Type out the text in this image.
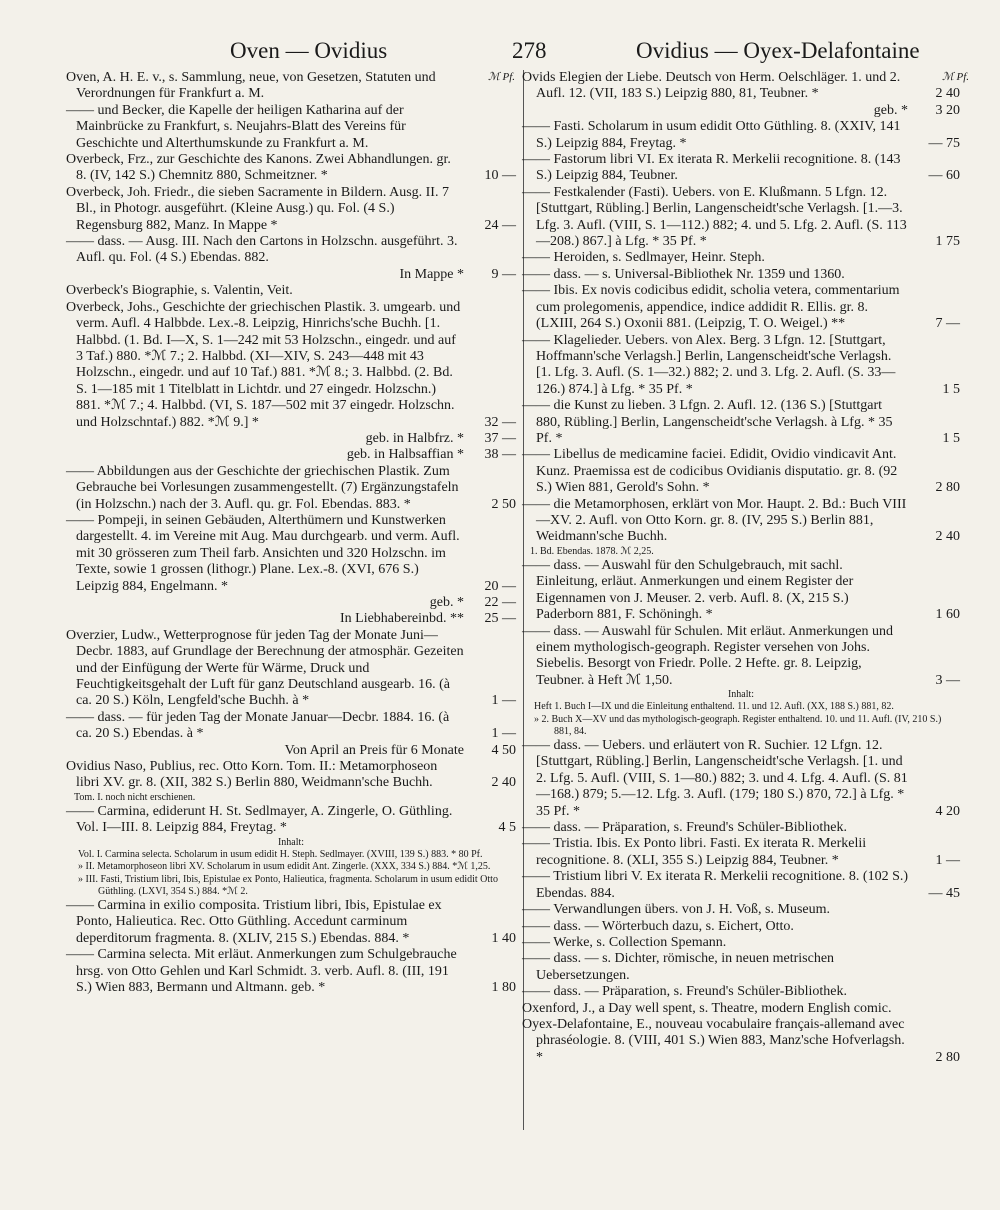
Oven — Ovidius	278	Ovidius — Oyex-Delafontaine
ℳ Pf.	ℳ Pf.
Oven, A. H. E. v., s. Sammlung, neue, von Gesetzen, Statuten und Verordnungen für Frankfurt a. M.
—— und Becker, die Kapelle der heiligen Katharina auf der Mainbrücke zu Frankfurt, s. Neujahrs-Blatt des Vereins für Geschichte und Alterthumskunde zu Frankfurt a. M.
Overbeck, Frz., zur Geschichte des Kanons. Zwei Abhandlungen. gr. 8. (IV, 142 S.) Chemnitz 880, Schmeitzner. *	10 —
Overbeck, Joh. Friedr., die sieben Sacramente in Bildern. Ausg. II. 7 Bl., in Photogr. ausgeführt. (Kleine Ausg.) qu. Fol. (4 S.) Regensburg 882, Manz. In Mappe *	24 —
—— dass. — Ausg. III. Nach den Cartons in Holzschn. ausgeführt. 3. Aufl. qu. Fol. (4 S.) Ebendas. 882.
In Mappe *	9 —
Overbeck's Biographie, s. Valentin, Veit.
Overbeck, Johs., Geschichte der griechischen Plastik. 3. umgearb. und verm. Aufl. 4 Halbbde. Lex.-8. Leipzig, Hinrichs'sche Buchh. [1. Halbbd. (1. Bd. I—X, S. 1—242 mit 53 Holzschn., eingedr. und auf 3 Taf.) 880. *ℳ 7.; 2. Halbbd. (XI—XIV, S. 243—448 mit 43 Holzschn., eingedr. und auf 10 Taf.) 881. *ℳ 8.; 3. Halbbd. (2. Bd. S. 1—185 mit 1 Titelblatt in Lichtdr. und 27 eingedr. Holzschn.) 881. *ℳ 7.; 4. Halbbd. (VI, S. 187—502 mit 37 eingedr. Holzschn. und Holzschntaf.) 882. *ℳ 9.] *	32 —
geb. in Halbfrz. *	37 —
geb. in Halbsaffian *	38 —
—— Abbildungen aus der Geschichte der griechischen Plastik. Zum Gebrauche bei Vorlesungen zusammengestellt. (7) Ergänzungstafeln (in Holzschn.) nach der 3. Aufl. qu. gr. Fol. Ebendas. 883. *	2 50
—— Pompeji, in seinen Gebäuden, Alterthümern und Kunstwerken dargestellt. 4. im Vereine mit Aug. Mau durchgearb. und verm. Aufl. mit 30 grösseren zum Theil farb. Ansichten und 320 Holzschn. im Texte, sowie 1 grossen (lithogr.) Plane. Lex.-8. (XVI, 676 S.) Leipzig 884, Engelmann. *	20 —
geb. *	22 —
In Liebhabereinbd. **	25 —
Overzier, Ludw., Wetterprognose für jeden Tag der Monate Juni—Decbr. 1883, auf Grundlage der Berechnung der atmosphär. Gezeiten und der Einfügung der Werte für Wärme, Druck und Feuchtigkeitsgehalt der Luft für ganz Deutschland ausgearb. 16. (à ca. 20 S.) Köln, Lengfeld'sche Buchh. à *	1 —
—— dass. — für jeden Tag der Monate Januar—Decbr. 1884. 16. (à ca. 20 S.) Ebendas. à *	1 —
Von April an Preis für 6 Monate	4 50
Ovidius Naso, Publius, rec. Otto Korn. Tom. II.: Metamorphoseon libri XV. gr. 8. (XII, 382 S.) Berlin 880, Weidmann'sche Buchh.	2 40
Tom. I. noch nicht erschienen.
—— Carmina, ediderunt H. St. Sedlmayer, A. Zingerle, O. Güthling. Vol. I—III. 8. Leipzig 884, Freytag. *	4 5
Inhalt:
Vol. I. Carmina selecta. Scholarum in usum edidit H. Steph. Sedlmayer. (XVIII, 139 S.) 883. * 80 Pf.
» II. Metamorphoseon libri XV. Scholarum in usum edidit Ant. Zingerle. (XXX, 334 S.) 884. *ℳ 1,25.
» III. Fasti, Tristium libri, Ibis, Epistulae ex Ponto, Halieutica, fragmenta. Scholarum in usum edidit Otto Güthling. (LXVI, 354 S.) 884. *ℳ 2.
—— Carmina in exilio composita. Tristium libri, Ibis, Epistulae ex Ponto, Halieutica. Rec. Otto Güthling. Accedunt carminum deperditorum fragmenta. 8. (XLIV, 215 S.) Ebendas. 884. *	1 40
—— Carmina selecta. Mit erläut. Anmerkungen zum Schulgebrauche hrsg. von Otto Gehlen und Karl Schmidt. 3. verb. Aufl. 8. (III, 191 S.) Wien 883, Bermann und Altmann. geb. *	1 80
Ovids Elegien der Liebe. Deutsch von Herm. Oelschläger. 1. und 2. Aufl. 12. (VII, 183 S.) Leipzig 880, 81, Teubner. *	2 40
geb. *	3 20
—— Fasti. Scholarum in usum edidit Otto Güthling. 8. (XXIV, 141 S.) Leipzig 884, Freytag. *	— 75
—— Fastorum libri VI. Ex iterata R. Merkelii recognitione. 8. (143 S.) Leipzig 884, Teubner.	— 60
—— Festkalender (Fasti). Uebers. von E. Klußmann. 5 Lfgn. 12. [Stuttgart, Rübling.] Berlin, Langenscheidt'sche Verlagsh. [1.—3. Lfg. 3. Aufl. (VIII, S. 1—112.) 882; 4. und 5. Lfg. 2. Aufl. (S. 113—208.) 867.] à Lfg. * 35 Pf. *	1 75
—— Heroiden, s. Sedlmayer, Heinr. Steph.
—— dass. — s. Universal-Bibliothek Nr. 1359 und 1360.
—— Ibis. Ex novis codicibus edidit, scholia vetera, commentarium cum prolegomenis, appendice, indice addidit R. Ellis. gr. 8. (LXIII, 264 S.) Oxonii 881. (Leipzig, T. O. Weigel.) **	7 —
—— Klagelieder. Uebers. von Alex. Berg. 3 Lfgn. 12. [Stuttgart, Hoffmann'sche Verlagsh.] Berlin, Langenscheidt'sche Verlagsh. [1. Lfg. 3. Aufl. (S. 1—32.) 882; 2. und 3. Lfg. 2. Aufl. (S. 33—126.) 874.] à Lfg. * 35 Pf. *	1 5
—— die Kunst zu lieben. 3 Lfgn. 2. Aufl. 12. (136 S.) [Stuttgart 880, Rübling.] Berlin, Langenscheidt'sche Verlagsh. à Lfg. * 35 Pf. *	1 5
—— Libellus de medicamine faciei. Edidit, Ovidio vindicavit Ant. Kunz. Praemissa est de codicibus Ovidianis disputatio. gr. 8. (92 S.) Wien 881, Gerold's Sohn. *	2 80
—— die Metamorphosen, erklärt von Mor. Haupt. 2. Bd.: Buch VIII—XV. 2. Aufl. von Otto Korn. gr. 8. (IV, 295 S.) Berlin 881, Weidmann'sche Buchh.	2 40
1. Bd. Ebendas. 1878. ℳ 2,25.
—— dass. — Auswahl für den Schulgebrauch, mit sachl. Einleitung, erläut. Anmerkungen und einem Register der Eigennamen von J. Meuser. 2. verb. Aufl. 8. (X, 215 S.) Paderborn 881, F. Schöningh. *	1 60
—— dass. — Auswahl für Schulen. Mit erläut. Anmerkungen und einem mythologisch-geograph. Register versehen von Johs. Siebelis. Besorgt von Friedr. Polle. 2 Hefte. gr. 8. Leipzig, Teubner. à Heft ℳ 1,50.	3 —
Inhalt:
Heft 1. Buch I—IX und die Einleitung enthaltend. 11. und 12. Aufl. (XX, 188 S.) 881, 82.
» 2. Buch X—XV und das mythologisch-geograph. Register enthaltend. 10. und 11. Aufl. (IV, 210 S.) 881, 84.
—— dass. — Uebers. und erläutert von R. Suchier. 12 Lfgn. 12. [Stuttgart, Rübling.] Berlin, Langenscheidt'sche Verlagsh. [1. und 2. Lfg. 5. Aufl. (VIII, S. 1—80.) 882; 3. und 4. Lfg. 4. Aufl. (S. 81—168.) 879; 5.—12. Lfg. 3. Aufl. (179; 180 S.) 870, 72.] à Lfg. * 35 Pf. *	4 20
—— dass. — Präparation, s. Freund's Schüler-Bibliothek.
—— Tristia. Ibis. Ex Ponto libri. Fasti. Ex iterata R. Merkelii recognitione. 8. (XLI, 355 S.) Leipzig 884, Teubner. *	1 —
—— Tristium libri V. Ex iterata R. Merkelii recognitione. 8. (102 S.) Ebendas. 884.	— 45
—— Verwandlungen übers. von J. H. Voß, s. Museum.
—— dass. — Wörterbuch dazu, s. Eichert, Otto.
—— Werke, s. Collection Spemann.
—— dass. — s. Dichter, römische, in neuen metrischen Uebersetzungen.
—— dass. — Präparation, s. Freund's Schüler-Bibliothek.
Oxenford, J., a Day well spent, s. Theatre, modern English comic.
Oyex-Delafontaine, E., nouveau vocabulaire français-allemand avec phraséologie. 8. (VIII, 401 S.) Wien 883, Manz'sche Hofverlagsh. *	2 80
